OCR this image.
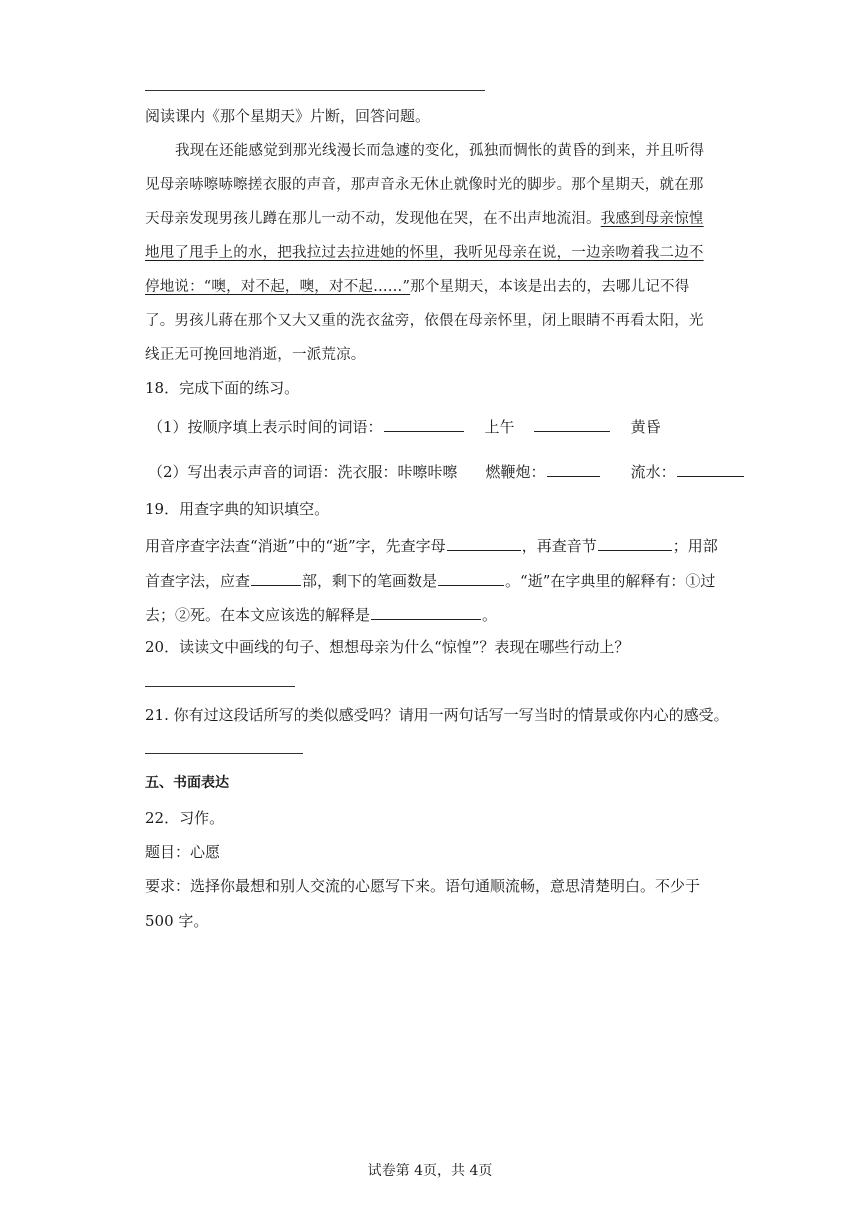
阅读课内《那个星期天》片断，回答问题。
我现在还能感觉到那光线漫长而急遽的变化，孤独而惆怅的黄昏的到来，并且听得
见母亲哧嚓哧嚓搓衣服的声音，那声音永无休止就像时光的脚步。那个星期天，就在那
天母亲发现男孩儿蹲在那儿一动不动，发现他在哭，在不出声地流泪。我感到母亲惊惶
地甩了甩手上的水，把我拉过去拉进她的怀里，我听见母亲在说，一边亲吻着我二边不
停地说：“噢，对不起，噢，对不起……”那个星期天，本该是出去的，去哪儿记不得
了。男孩儿蔣在那个又大又重的洗衣盆旁，依偎在母亲怀里，闭上眼睛不再看太阳，光
线正无可挽回地消逝，一派荒凉。
18．完成下面的练习。
（1）按顺序填上表示时间的词语：	上午	黄昏
（2）写出表示声音的词语：洗衣服：咔嚓咔嚓 燃鞭炮：	流水：
19．用查字典的知识填空。
用音序查字法查“消逝”中的“逝”字，先查字母	，再查音节	；用部
首查字法，应查	部，剩下的笔画数是	。“逝”在字典里的解释有：①过
去；②死。在本文应该选的解释是	。
20．读读文中画线的句子、想想母亲为什么“惊惶”？表现在哪些行动上？
21. 你有过这段话所写的类似感受吗？请用一两句话写一写当时的情景或你内心的感受。
五、书面表达
22．习作。
题目：心愿
要求：选择你最想和别人交流的心愿写下来。语句通顺流畅，意思清楚明白。不少于
500 字。
试卷第 4页，共 4页
